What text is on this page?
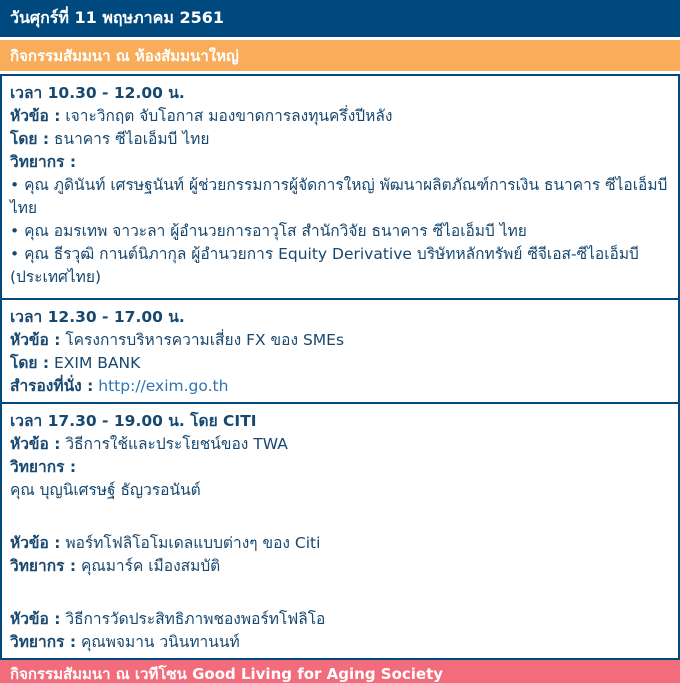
วันศุกร์ที่ 11 พฤษภาคม 2561
กิจกรรมสัมมนา ณ ห้องสัมมนาใหญ่

เวลา 10.30 - 12.00 น.

หัวข้อ : เจาะวิกฤต จับโอกาส มองขาดการลงทุนครึ่งปีหลัง

โดย : ธนาคาร ซีไอเอ็มบี ไทย

วิทยากร :

• คุณ ภูดินันท์ เศรษฐนันท์ ผู้ช่วยกรรมการผู้จัดการใหญ่ พัฒนาผลิตภัณฑ์การเงิน ธนาคาร ซีไอเอ็มบี ไทย

• คุณ อมรเทพ จาวะลา ผู้อำนวยการอาวุโส สำนักวิจัย ธนาคาร ซีไอเอ็มบี ไทย

• คุณ ธีรวุฒิ กานต์นิภากุล ผู้อำนวยการ Equity Derivative บริษัทหลักทรัพย์ ซีจีเอส-ซีไอเอ็มบี (ประเทศไทย)

เวลา 12.30 - 17.00 น.

หัวข้อ : โครงการบริหารความเสี่ยง FX ของ SMEs

โดย : EXIM BANK

สำรองที่นั่ง : http://exim.go.th

เวลา 17.30 - 19.00 น. โดย CITI

หัวข้อ : วิธีการใช้และประโยชน์ของ TWA

วิทยากร :

คุณ บุญนิเศรษฐ์ ธัญวรอนันต์

หัวข้อ : พอร์ทโฟลิโอโมเดลแบบต่างๆ ของ Citi

วิทยากร : คุณมาร์ค เมืองสมบัติ

หัวข้อ : วิธีการวัดประสิทธิภาพชองพอร์ทโฟลิโอ

วิทยากร : คุณพจมาน วนินทานนท์

กิจกรรมสัมมนา ณ เวทีโซน Good Living for Aging Society
